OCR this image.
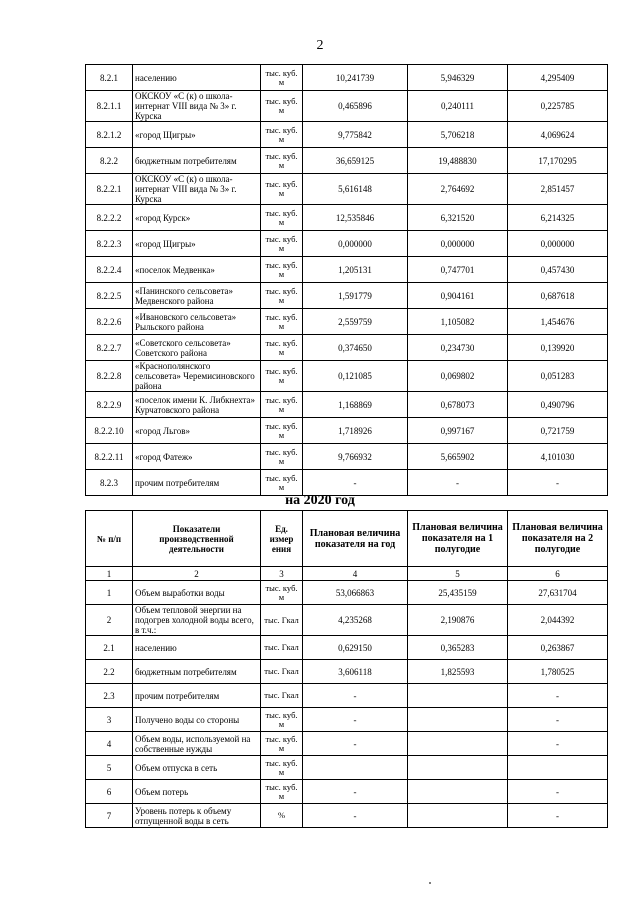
2
8.2.1	населению	тыс. куб. м	10,241739	5,946329	4,295409
8.2.1.1	ОКСКОУ «С (к) о школа-интернат VIII вида № 3» г. Курска	тыс. куб. м	0,465896	0,240111	0,225785
8.2.1.2	«город Щигры»	тыс. куб. м	9,775842	5,706218	4,069624
8.2.2	бюджетным потребителям	тыс. куб. м	36,659125	19,488830	17,170295
8.2.2.1	ОКСКОУ «С (к) о школа-интернат VIII вида № 3» г. Курска	тыс. куб. м	5,616148	2,764692	2,851457
8.2.2.2	«город Курск»	тыс. куб. м	12,535846	6,321520	6,214325
8.2.2.3	«город Щигры»	тыс. куб. м	0,000000	0,000000	0,000000
8.2.2.4	«поселок Медвенка»	тыс. куб. м	1,205131	0,747701	0,457430
8.2.2.5	«Панинского сельсовета» Медвенского района	тыс. куб. м	1,591779	0,904161	0,687618
8.2.2.6	«Ивановского сельсовета» Рыльского района	тыс. куб. м	2,559759	1,105082	1,454676
8.2.2.7	«Советского сельсовета» Советского района	тыс. куб. м	0,374650	0,234730	0,139920
8.2.2.8	«Краснополянского сельсовета» Черемисиновского района	тыс. куб. м	0,121085	0,069802	0,051283
8.2.2.9	«поселок имени К. Либкнехта» Курчатовского района	тыс. куб. м	1,168869	0,678073	0,490796
8.2.2.10	«город Льгов»	тыс. куб. м	1,718926	0,997167	0,721759
8.2.2.11	«город Фатеж»	тыс. куб. м	9,766932	5,665902	4,101030
8.2.3	прочим потребителям	тыс. куб. м	-	-	-
на 2020 год
№ п/п	Показатели производственной деятельности	Ед. измер ения	Плановая величина показателя на год	Плановая величина показателя на 1 полугодие	Плановая величина показателя на 2 полугодие
1	2	3	4	5	6
1	Объем выработки воды	тыс. куб. м	53,066863	25,435159	27,631704
2	Объем тепловой энергии на подогрев холодной воды всего, в т.ч.:	тыс. Гкал	4,235268	2,190876	2,044392
2.1	населению	тыс. Гкал	0,629150	0,365283	0,263867
2.2	бюджетным потребителям	тыс. Гкал	3,606118	1,825593	1,780525
2.3	прочим потребителям	тыс. Гкал	-		-
3	Получено воды со стороны	тыс. куб. м	-		-
4	Объем воды, используемой на собственные нужды	тыс. куб. м	-		-
5	Объем отпуска в сеть	тыс. куб. м			
6	Объем потерь	тыс. куб. м	-		-
7	Уровень потерь к объему отпущенной воды в сеть	%	-		-
